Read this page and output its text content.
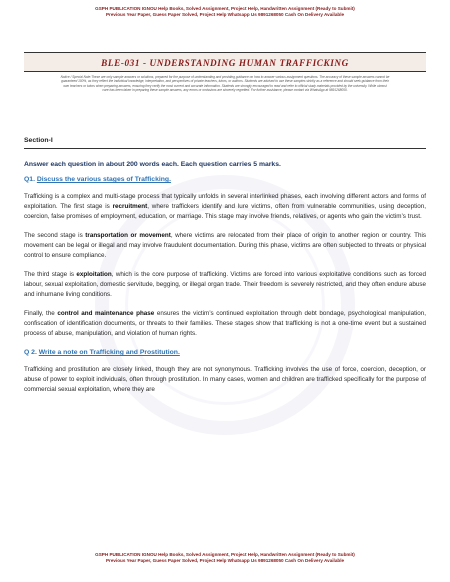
GSPH PUBLICATION IGNOU Help Books, Solved Assignment, Project Help, Handwritten Assignment (Ready to Submit)
Previous Year Paper, Guess Paper Solved, Project Help Whatsapp Us 9891268050 Cash On Delivery Available
BLE-031 - UNDERSTANDING HUMAN TRAFFICKING
Notice / Special Note:These are only sample answers or solutions, prepared for the purpose of understanding and providing guidance on how to answer various assignment questions. The accuracy of these sample answers cannot be guaranteed 100%, as they reflect the individual knowledge, interpretation, and perspectives of private teachers, tutors, or authors. Students are advised to use these samples strictly as a reference and should seek guidance from their own teachers or tutors when preparing answers, ensuring they verify the most current and accurate information. Students are strongly encouraged to read and refer to official study materials provided by the university. While utmost care has been taken in preparing these sample answers, any errors or omissions are sincerely regretted. For further assistance, please contact via WhatsApp at 9891268050.
Section-I
Answer each question in about 200 words each. Each question carries 5 marks.
Q1. Discuss the various stages of Trafficking.

Trafficking is a complex and multi-stage process that typically unfolds in several interlinked phases, each involving different actors and forms of exploitation. The first stage is recruitment, where traffickers identify and lure victims, often from vulnerable communities, using deception, coercion, false promises of employment, education, or marriage. This stage may involve friends, relatives, or agents who gain the victim’s trust.

The second stage is transportation or movement, where victims are relocated from their place of origin to another region or country. This movement can be legal or illegal and may involve fraudulent documentation. During this phase, victims are often subjected to threats or physical control to ensure compliance.

The third stage is exploitation, which is the core purpose of trafficking. Victims are forced into various exploitative conditions such as forced labour, sexual exploitation, domestic servitude, begging, or illegal organ trade. Their freedom is severely restricted, and they often endure abuse and inhumane living conditions.

Finally, the control and maintenance phase ensures the victim’s continued exploitation through debt bondage, psychological manipulation, confiscation of identification documents, or threats to their families. These stages show that trafficking is not a one-time event but a sustained process of abuse, manipulation, and violation of human rights.

Q 2. Write a note on Trafficking and Prostitution.

Trafficking and prostitution are closely linked, though they are not synonymous. Trafficking involves the use of force, coercion, deception, or abuse of power to exploit individuals, often through prostitution. In many cases, women and children are trafficked specifically for the purpose of commercial sexual exploitation, where they are

GSPH PUBLICATION IGNOU Help Books, Solved Assignment, Project Help, Handwritten Assignment (Ready to Submit)
Previous Year Paper, Guess Paper Solved, Project Help Whatsapp Us 9891268050 Cash On Delivery Available
